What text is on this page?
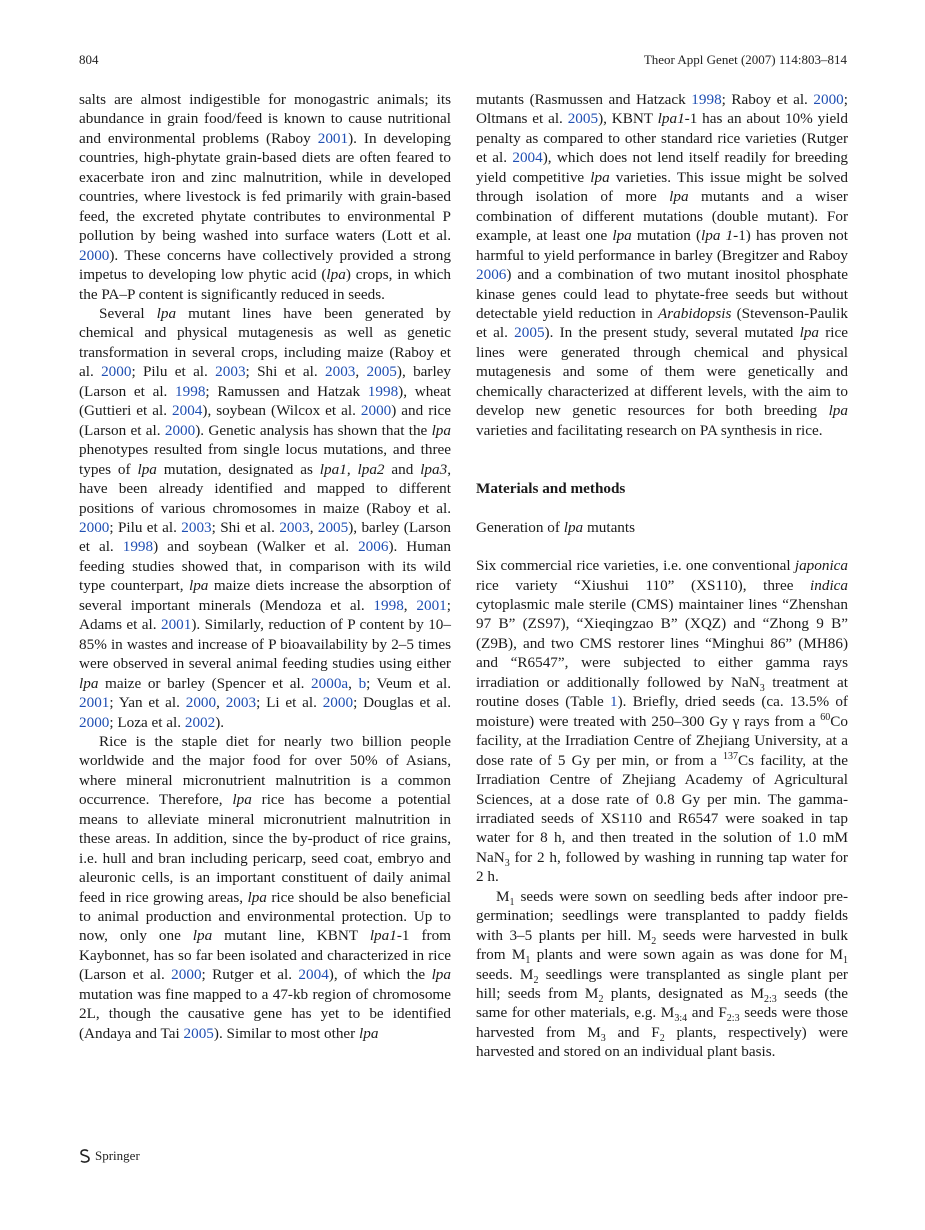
804	Theor Appl Genet (2007) 114:803–814

salts are almost indigestible for monogastric animals; its abundance in grain food/feed is known to cause nutritional and environmental problems (Raboy 2001). In developing countries, high-phytate grain-based diets are often feared to exacerbate iron and zinc malnutrition, while in developed countries, where livestock is fed primarily with grain-based feed, the excreted phytate contributes to environmental P pollution by being washed into surface waters (Lott et al. 2000). These concerns have collectively provided a strong impetus to developing low phytic acid (lpa) crops, in which the PA–P content is significantly reduced in seeds.

Several lpa mutant lines have been generated by chemical and physical mutagenesis as well as genetic transformation in several crops, including maize (Raboy et al. 2000; Pilu et al. 2003; Shi et al. 2003, 2005), barley (Larson et al. 1998; Ramussen and Hatzak 1998), wheat (Guttieri et al. 2004), soybean (Wilcox et al. 2000) and rice (Larson et al. 2000). Genetic analysis has shown that the lpa phenotypes resulted from single locus mutations, and three types of lpa mutation, designated as lpa1, lpa2 and lpa3, have been already identified and mapped to different positions of various chromosomes in maize (Raboy et al. 2000; Pilu et al. 2003; Shi et al. 2003, 2005), barley (Larson et al. 1998) and soybean (Walker et al. 2006). Human feeding studies showed that, in comparison with its wild type counterpart, lpa maize diets increase the absorption of several important minerals (Mendoza et al. 1998, 2001; Adams et al. 2001). Similarly, reduction of P content by 10–85% in wastes and increase of P bioavailability by 2–5 times were observed in several animal feeding studies using either lpa maize or barley (Spencer et al. 2000a, b; Veum et al. 2001; Yan et al. 2000, 2003; Li et al. 2000; Douglas et al. 2000; Loza et al. 2002).

Rice is the staple diet for nearly two billion people worldwide and the major food for over 50% of Asians, where mineral micronutrient malnutrition is a common occurrence. Therefore, lpa rice has become a potential means to alleviate mineral micronutrient malnutrition in these areas. In addition, since the by-product of rice grains, i.e. hull and bran including pericarp, seed coat, embryo and aleuronic cells, is an important constituent of daily animal feed in rice growing areas, lpa rice should be also beneficial to animal production and environmental protection. Up to now, only one lpa mutant line, KBNT lpa1-1 from Kaybonnet, has so far been isolated and characterized in rice (Larson et al. 2000; Rutger et al. 2004), of which the lpa mutation was fine mapped to a 47-kb region of chromosome 2L, though the causative gene has yet to be identified (Andaya and Tai 2005). Similar to most other lpa

mutants (Rasmussen and Hatzack 1998; Raboy et al. 2000; Oltmans et al. 2005), KBNT lpa1-1 has an about 10% yield penalty as compared to other standard rice varieties (Rutger et al. 2004), which does not lend itself readily for breeding yield competitive lpa varieties. This issue might be solved through isolation of more lpa mutants and a wiser combination of different mutations (double mutant). For example, at least one lpa mutation (lpa 1-1) has proven not harmful to yield performance in barley (Bregitzer and Raboy 2006) and a combination of two mutant inositol phosphate kinase genes could lead to phytate-free seeds but without detectable yield reduction in Arabidopsis (Stevenson-Paulik et al. 2005). In the present study, several mutated lpa rice lines were generated through chemical and physical mutagenesis and some of them were genetically and chemically characterized at different levels, with the aim to develop new genetic resources for both breeding lpa varieties and facilitating research on PA synthesis in rice.

Materials and methods

Generation of lpa mutants

Six commercial rice varieties, i.e. one conventional japonica rice variety “Xiushui 110” (XS110), three indica cytoplasmic male sterile (CMS) maintainer lines “Zhenshan 97 B” (ZS97), “Xieqingzao B” (XQZ) and “Zhong 9 B” (Z9B), and two CMS restorer lines “Minghui 86” (MH86) and “R6547”, were subjected to either gamma rays irradiation or additionally followed by NaN$_3$ treatment at routine doses (Table 1). Briefly, dried seeds (ca. 13.5% of moisture) were treated with 250–300 Gy γ rays from a $^{60}$Co facility, at the Irradiation Centre of Zhejiang University, at a dose rate of 5 Gy per min, or from a $^{137}$Cs facility, at the Irradiation Centre of Zhejiang Academy of Agricultural Sciences, at a dose rate of 0.8 Gy per min. The gamma-irradiated seeds of XS110 and R6547 were soaked in tap water for 8 h, and then treated in the solution of 1.0 mM NaN$_3$ for 2 h, followed by washing in running tap water for 2 h.

$M_1$ seeds were sown on seedling beds after indoor pre-germination; seedlings were transplanted to paddy fields with 3–5 plants per hill. $M_2$ seeds were harvested in bulk from $M_1$ plants and were sown again as was done for $M_1$ seeds. $M_2$ seedlings were transplanted as single plant per hill; seeds from $M_2$ plants, designated as $M_{2:3}$ seeds (the same for other materials, e.g. $M_{3:4}$ and $F_{2:3}$ seeds were those harvested from $M_3$ and $F_2$ plants, respectively) were harvested and stored on an individual plant basis.

Springer
